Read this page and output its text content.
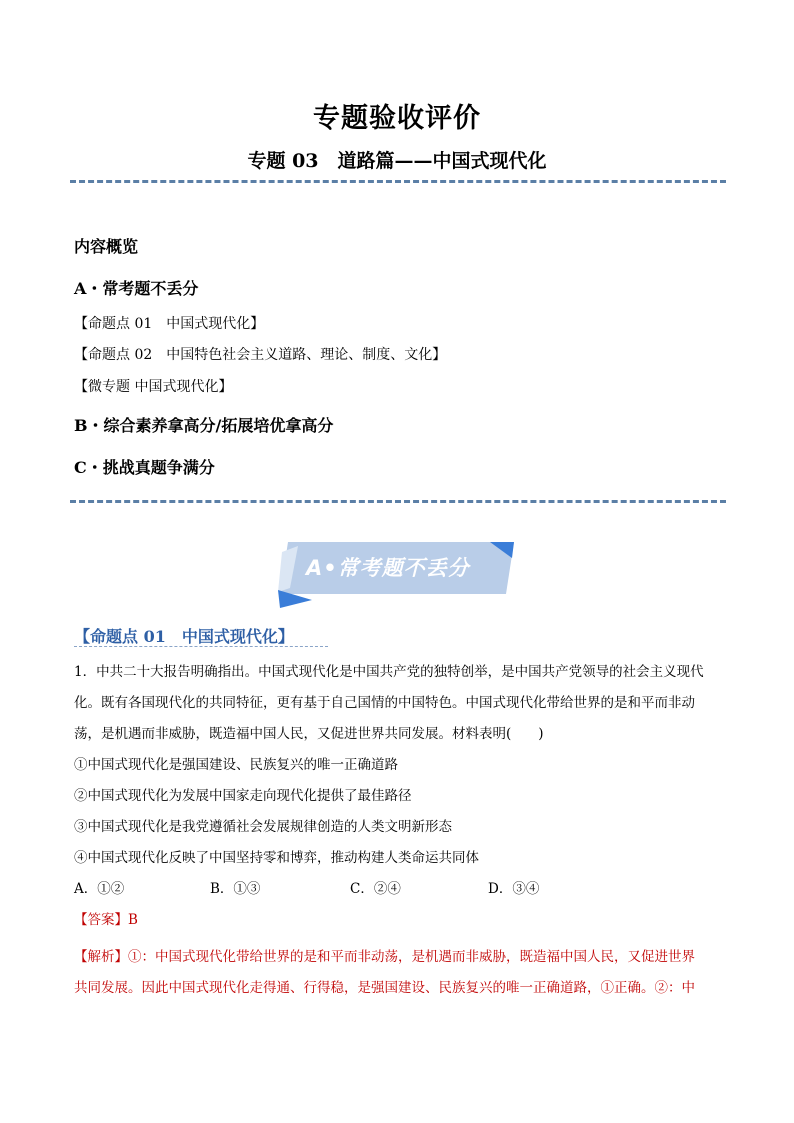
专题验收评价
专题 03　道路篇——中国式现代化
内容概览
A・常考题不丢分
【命题点 01　中国式现代化】
【命题点 02　中国特色社会主义道路、理论、制度、文化】
【微专题 中国式现代化】
B・综合素养拿高分/拓展培优拿高分
C・挑战真题争满分
A•常考题不丢分
【命题点 01　中国式现代化】
1．中共二十大报告明确指出。中国式现代化是中国共产党的独特创举，是中国共产党领导的社会主义现代
化。既有各国现代化的共同特征，更有基于自己国情的中国特色。中国式现代化带给世界的是和平而非动
荡，是机遇而非威胁，既造福中国人民，又促进世界共同发展。材料表明(　　)
①中国式现代化是强国建设、民族复兴的唯一正确道路
②中国式现代化为发展中国家走向现代化提供了最佳路径
③中国式现代化是我党遵循社会发展规律创造的人类文明新形态
④中国式现代化反映了中国坚持零和博弈，推动构建人类命运共同体
A．①②	B．①③	C．②④	D．③④
【答案】B
【解析】①：中国式现代化带给世界的是和平而非动荡，是机遇而非威胁，既造福中国人民，又促进世界
共同发展。因此中国式现代化走得通、行得稳，是强国建设、民族复兴的唯一正确道路，①正确。②：中
